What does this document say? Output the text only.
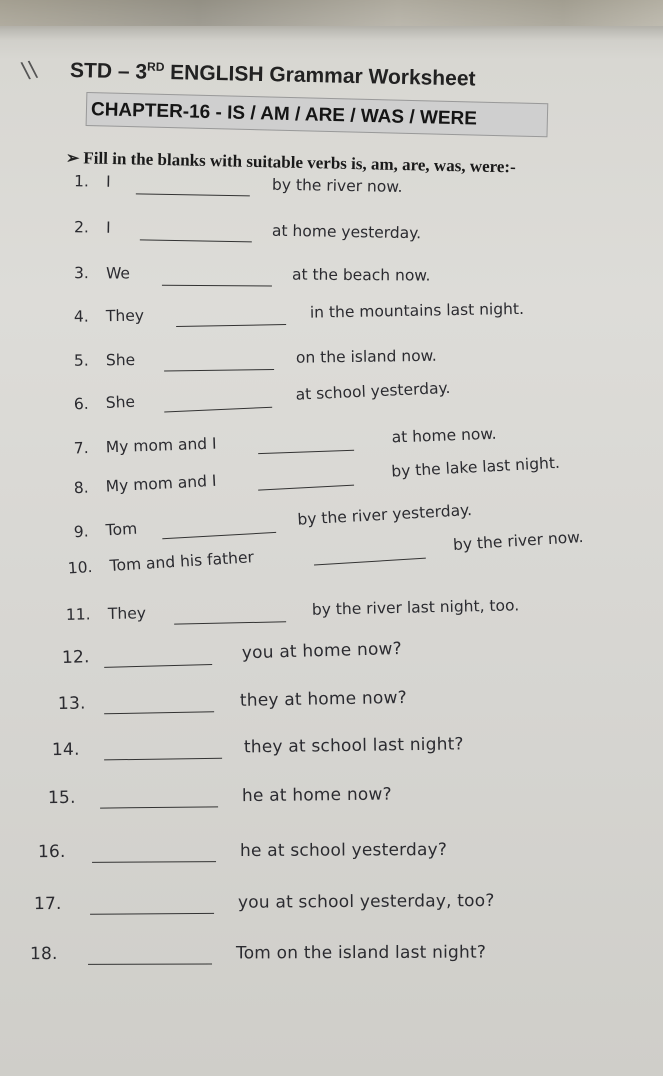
\\ STD – 3RD ENGLISH Grammar Worksheet
CHAPTER-16 - IS / AM / ARE / WAS / WERE
➢ Fill in the blanks with suitable verbs is, am, are, was, were:-
1. I	by the river now.
2. I	at home yesterday.
3. We	at the beach now.
4. They	in the mountains last night.
5. She	on the island now.
6. She	at school yesterday.
7. My mom and I	at home now.
8. My mom and I
by the lake last night.
9. Tom
by the river yesterday.
10. Tom and his father
by the river now.
11. They	by the river last night, too.
12.	you at home now?
13.	they at home now?
14.	they at school last night?
15.	he at home now?
16.	he at school yesterday?
17.	you at school yesterday, too?
18.	Tom on the island last night?
